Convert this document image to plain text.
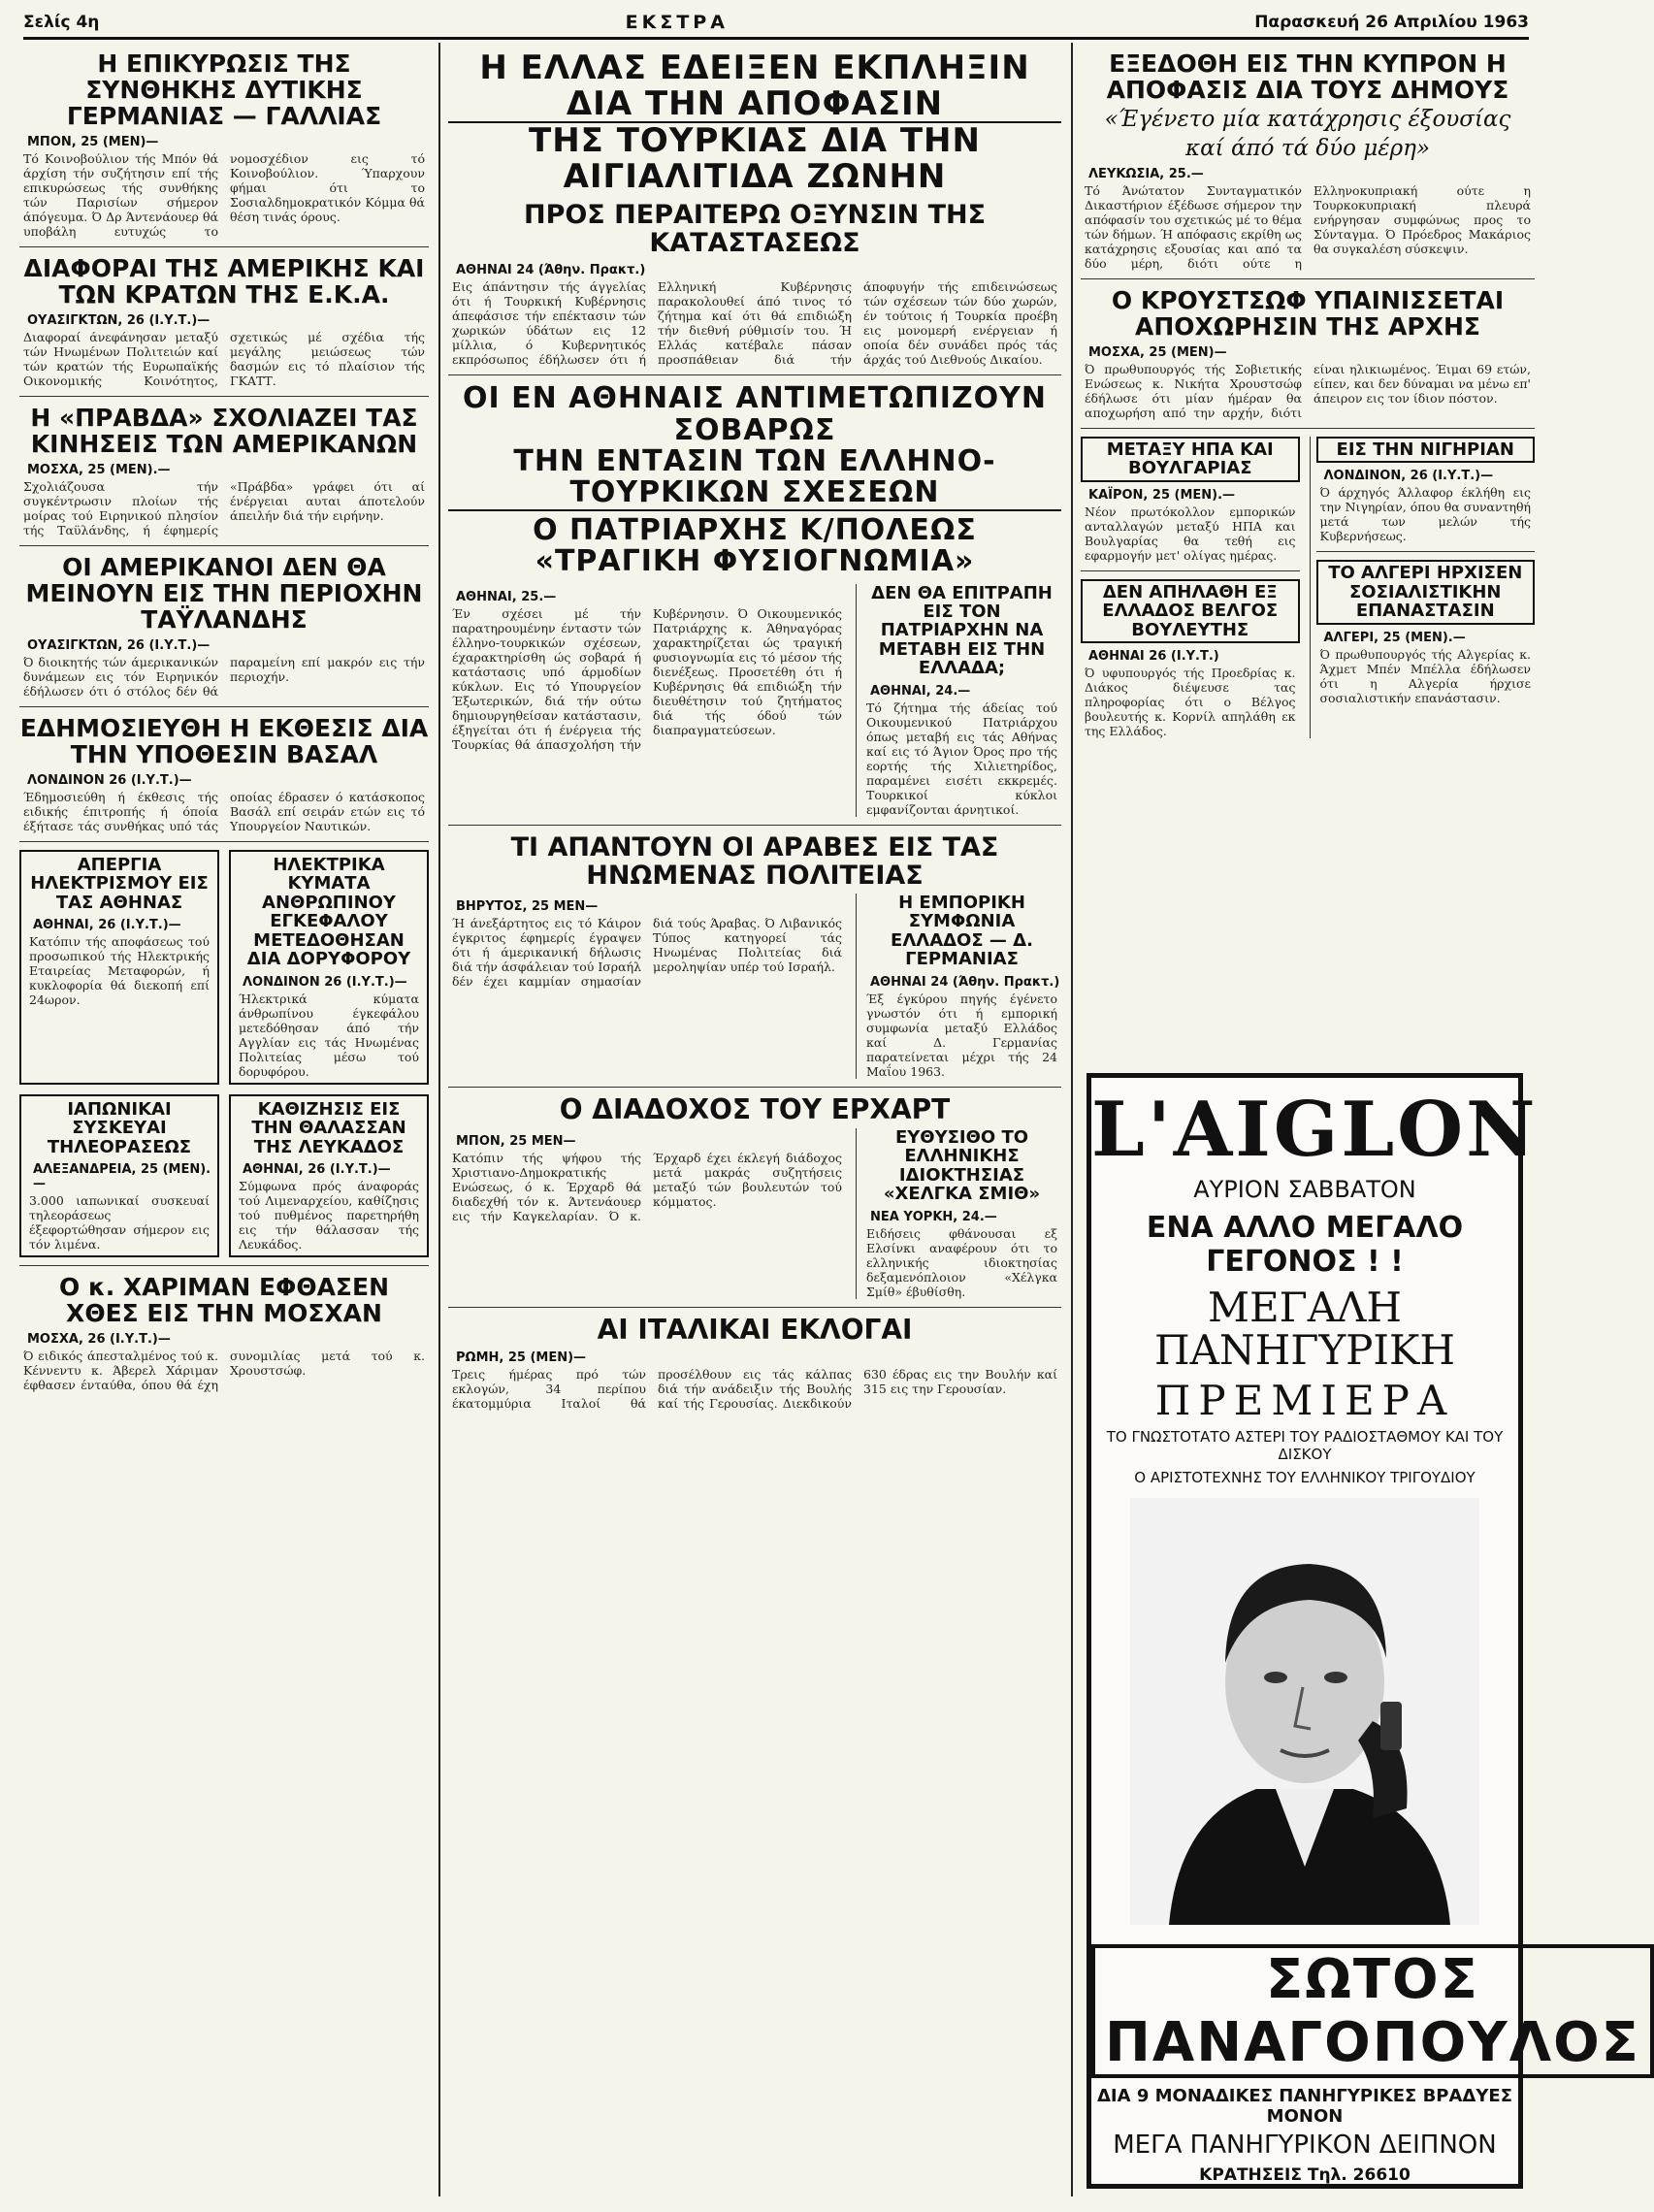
Σελίς 4η	ΕΚΣΤΡΑ	Παρασκευή 26 Απριλίου 1963
Η ΕΠΙΚΥΡΩΣΙΣ ΤΗΣ ΣΥΝΘΗΚΗΣ ΔΥΤΙΚΗΣ ΓΕΡΜΑΝΙΑΣ — ΓΑΛΛΙΑΣ
ΜΠΟΝ, 25 (ΜΕΝ)—

Τό Κοινοβούλιον τής Μπόν θά άρχίση τήν συζήτησιν επί τής επικυρώσεως τής συνθήκης τών Παρισίων σήμερον άπόγευμα. Ό Δρ Άντενάουερ θά υποβάλη ευτυχώς το νομοσχέδιον εις τό Κοινοβούλιον. Ύπαρχουν φήμαι ότι το Σοσιαλδημοκρατικόν Κόμμα θά θέση τινάς όρους.

ΔΙΑΦΟΡΑΙ ΤΗΣ ΑΜΕΡΙΚΗΣ ΚΑΙ ΤΩΝ ΚΡΑΤΩΝ ΤΗΣ Ε.Κ.Α.
ΟΥΑΣΙΓΚΤΩΝ, 26 (Ι.Υ.Τ.)—

Διαφοραί άνεφάνησαν μεταξύ τών Ηνωμένων Πολιτειών καί τών κρατών τής Ευρωπαϊκής Οικονομικής Κοινότητος, σχετικώς μέ σχέδια τής μεγάλης μειώσεως τών δασμών εις τό πλαίσιον τής ΓΚΑΤΤ.

Η «ΠΡΑΒΔΑ» ΣΧΟΛΙΑΖΕΙ ΤΑΣ ΚΙΝΗΣΕΙΣ ΤΩΝ ΑΜΕΡΙΚΑΝΩΝ
ΜΟΣΧΑ, 25 (ΜΕΝ).—

Σχολιάζουσα τήν συγκέντρωσιν πλοίων τής μοίρας τού Ειρηνικού πλησίον τής Ταϋλάνδης, ή έφημερίς «Πράβδα» γράφει ότι αί ένέργειαι αυται άποτελούν άπειλήν διά τήν ειρήνην.

ΟΙ ΑΜΕΡΙΚΑΝΟΙ ΔΕΝ ΘΑ ΜΕΙΝΟΥΝ ΕΙΣ ΤΗΝ ΠΕΡΙΟΧΗΝ ΤΑΫΛΑΝΔΗΣ
ΟΥΑΣΙΓΚΤΩΝ, 26 (Ι.Υ.Τ.)—

Ό διοικητής τών άμερικανικών δυνάμεων εις τόν Ειρηνικόν έδήλωσεν ότι ό στόλος δέν θά παραμείνη επί μακρόν εις τήν περιοχήν.

ΕΔΗΜΟΣΙΕΥΘΗ Η ΕΚΘΕΣΙΣ ΔΙΑ ΤΗΝ ΥΠΟΘΕΣΙΝ ΒΑΣΑΛ
ΛΟΝΔΙΝΟΝ 26 (Ι.Υ.Τ.)—

Έδημοσιεύθη ή έκθεσις τής ειδικής έπιτροπής ή όποία έξήτασε τάς συνθήκας υπό τάς οποίας έδρασεν ό κατάσκοπος Βασάλ επί σειράν ετών εις τό Υπουργείον Ναυτικών.

ΑΠΕΡΓΙΑ ΗΛΕΚΤΡΙΣΜΟΥ ΕΙΣ ΤΑΣ ΑΘΗΝΑΣ
ΑΘΗΝΑΙ, 26 (Ι.Υ.Τ.)—

Κατόπιν τής αποφάσεως τού προσωπικού τής Ηλεκτρικής Εταιρείας Μεταφορών, ή κυκλοφορία θά διεκοπή επί 24ωρον.

ΗΛΕΚΤΡΙΚΑ ΚΥΜΑΤΑ ΑΝΘΡΩΠΙΝΟΥ ΕΓΚΕΦΑΛΟΥ ΜΕΤΕΔΟΘΗΣΑΝ ΔΙΑ ΔΟΡΥΦΟΡΟΥ
ΛΟΝΔΙΝΟΝ 26 (Ι.Υ.Τ.)—

Ήλεκτρικά κύματα άνθρωπίνου έγκεφάλου μετεδόθησαν άπό τήν Αγγλίαν εις τάς Ηνωμένας Πολιτείας μέσω τού δορυφόρου.

ΙΑΠΩΝΙΚΑΙ ΣΥΣΚΕΥΑΙ ΤΗΛΕΟΡΑΣΕΩΣ
ΑΛΕΞΑΝΔΡΕΙΑ, 25 (ΜΕΝ).—

3.000 ιαπωνικαί συσκευαί τηλεοράσεως έξεφορτώθησαν σήμερον εις τόν λιμένα.

ΚΑΘΙΖΗΣΙΣ ΕΙΣ ΤΗΝ ΘΑΛΑΣΣΑΝ ΤΗΣ ΛΕΥΚΑΔΟΣ
ΑΘΗΝΑΙ, 26 (Ι.Υ.Τ.)—

Σύμφωνα πρός άναφοράς τού Λιμεναρχείου, καθίζησις τού πυθμένος παρετηρήθη εις τήν θάλασσαν τής Λευκάδος.

Ο κ. ΧΑΡΙΜΑΝ ΕΦΘΑΣΕΝ ΧΘΕΣ ΕΙΣ ΤΗΝ ΜΟΣΧΑΝ
ΜΟΣΧΑ, 26 (Ι.Υ.Τ.)—

Ό ειδικός άπεσταλμένος τού κ. Κέννεντυ κ. Άβερελ Χάριμαν έφθασεν ένταύθα, όπου θά έχη συνομιλίας μετά τού κ. Χρουστσώφ.

Η ΕΛΛΑΣ ΕΔΕΙΞΕΝ ΕΚΠΛΗΞΙΝ ΔΙΑ ΤΗΝ ΑΠΟΦΑΣΙΝ
ΤΗΣ ΤΟΥΡΚΙΑΣ ΔΙΑ ΤΗΝ ΑΙΓΙΑΛΙΤΙΔΑ ΖΩΝΗΝ
ΠΡΟΣ ΠΕΡΑΙΤΕΡΩ ΟΞΥΝΣΙΝ ΤΗΣ ΚΑΤΑΣΤΑΣΕΩΣ
ΑΘΗΝΑΙ 24 (Άθην. Πρακτ.)

Εις άπάντησιν τής άγγελίας ότι ή Τουρκική Κυβέρνησις άπεφάσισε τήν επέκτασιν τών χωρικών ύδάτων εις 12 μίλλια, ό Κυβερνητικός εκπρόσωπος έδήλωσεν ότι ή Ελληνική Κυβέρνησις παρακολουθεί άπό τινος τό ζήτημα καί ότι θά επιδιώξη τήν διεθνή ρύθμισίν του. Ή Ελλάς κατέβαλε πάσαν προσπάθειαν διά τήν άποφυγήν τής επιδεινώσεως τών σχέσεων τών δύο χωρών, έν τούτοις ή Τουρκία προέβη εις μονομερή ενέργειαν ή οποία δέν συνάδει πρός τάς άρχάς τού Διεθνούς Δικαίου.

ΟΙ ΕΝ ΑΘΗΝΑΙΣ ΑΝΤΙΜΕΤΩΠΙΖΟΥΝ ΣΟΒΑΡΩΣ
ΤΗΝ ΕΝΤΑΣΙΝ ΤΩΝ ΕΛΛΗΝΟ-ΤΟΥΡΚΙΚΩΝ ΣΧΕΣΕΩΝ
Ο ΠΑΤΡΙΑΡΧΗΣ Κ/ΠΟΛΕΩΣ «ΤΡΑΓΙΚΗ ΦΥΣΙΟΓΝΩΜΙΑ»
ΑΘΗΝΑΙ, 25.—

Έν σχέσει μέ τήν παρατηρουμένην ένταστν τών έλληνο-τουρκικών σχέσεων, έχαρακτηρίσθη ώς σοβαρά ή κατάστασις υπό άρμοδίων κύκλων. Εις τό Υπουργείον Έξωτερικών, διά τήν ούτω δημιουργηθείσαν κατάστασιν, έξηγείται ότι ή ένέργεια τής Τουρκίας θά άπασχολήση τήν Κυβέρνησιν. Ό Οικουμενικός Πατριάρχης κ. Άθηναγόρας χαρακτηρίζεται ώς τραγική φυσιογνωμία εις τό μέσον τής διενέξεως. Προσετέθη ότι ή Κυβέρνησις θά επιδιώξη τήν διευθέτησιν τού ζητήματος διά τής όδού τών διαπραγματεύσεων.

ΔΕΝ ΘΑ ΕΠΙΤΡΑΠΗ ΕΙΣ ΤΟΝ ΠΑΤΡΙΑΡΧΗΝ ΝΑ ΜΕΤΑΒΗ ΕΙΣ ΤΗΝ ΕΛΛΑΔΑ;
ΑΘΗΝΑΙ, 24.—

Τό ζήτημα τής άδείας τού Οικουμενικού Πατριάρχου όπως μεταβή εις τάς Αθήνας καί εις τό Άγιον Όρος προ τής εορτής τής Χιλιετηρίδος, παραμένει εισέτι εκκρεμές. Τουρκικοί κύκλοι εμφανίζονται άρνητικοί.

ΤΙ ΑΠΑΝΤΟΥΝ ΟΙ ΑΡΑΒΕΣ ΕΙΣ ΤΑΣ ΗΝΩΜΕΝΑΣ ΠΟΛΙΤΕΙΑΣ
ΒΗΡΥΤΟΣ, 25 ΜΕΝ—

Ή άνεξάρτητος εις τό Κάιρον έγκριτος έφημερίς έγραψεν ότι ή άμερικανική δήλωσις διά τήν άσφάλειαν τού Ισραήλ δέν έχει καμμίαν σημασίαν διά τούς Άραβας. Ό Λιβανικός Τύπος κατηγορεί τάς Ηνωμένας Πολιτείας διά μεροληψίαν υπέρ τού Ισραήλ.

Η ΕΜΠΟΡΙΚΗ ΣΥΜΦΩΝΙΑ ΕΛΛΑΔΟΣ — Δ. ΓΕΡΜΑΝΙΑΣ
ΑΘΗΝΑΙ 24 (Άθην. Πρακτ.)

Έξ έγκύρου πηγής έγένετο γνωστόν ότι ή εμπορική συμφωνία μεταξύ Ελλάδος καί Δ. Γερμανίας παρατείνεται μέχρι τής 24 Μαΐου 1963.

Ο ΔΙΑΔΟΧΟΣ ΤΟΥ ΕΡΧΑΡΤ
ΜΠΟΝ, 25 ΜΕΝ—

Κατόπιν τής ψήφου τής Χριστιανο-Δημοκρατικής Ενώσεως, ό κ. Έρχαρδ θά διαδεχθή τόν κ. Άντενάουερ εις τήν Καγκελαρίαν. Ό κ. Έρχαρδ έχει έκλεγή διάδοχος μετά μακράς συζητήσεις μεταξύ τών βουλευτών τού κόμματος.

ΕΥΘΥΣΙΘΟ ΤΟ ΕΛΛΗΝΙΚΗΣ ΙΔΙΟΚΤΗΣΙΑΣ «ΧΕΛΓΚΑ ΣΜΙΘ»
ΝΕΑ ΥΟΡΚΗ, 24.—

Ειδήσεις φθάνουσαι εξ Ελσίνκι αναφέρουν ότι το ελληνικής ιδιοκτησίας δεξαμενόπλοιον «Χέλγκα Σμίθ» έβυθίσθη.

ΑΙ ΙΤΑΛΙΚΑΙ ΕΚΛΟΓΑΙ
ΡΩΜΗ, 25 (ΜΕΝ)—

Τρεις ήμέρας πρό τών εκλογών, 34 περίπου έκατομμύρια Ιταλοί θά προσέλθουν εις τάς κάλπας διά τήν ανάδειξιν τής Βουλής καί τής Γερουσίας. Διεκδικούν 630 έδρας εις την Βουλήν καί 315 εις την Γερουσίαν.

ΕΞΕΔΟΘΗ ΕΙΣ ΤΗΝ ΚΥΠΡΟΝ Η ΑΠΟΦΑΣΙΣ ΔΙΑ ΤΟΥΣ ΔΗΜΟΥΣ
«Έγένετο μία κατάχρησις έξουσίας
καί άπό τά δύο μέρη»
ΛΕΥΚΩΣΙΑ, 25.—

Τό Άνώτατον Συνταγματικόν Δικαστήριον έξέδωσε σήμερον την απόφασίν του σχετικώς μέ το θέμα τών δήμων. Ή απόφασις εκρίθη ως κατάχρησις εξουσίας και από τα δύο μέρη, διότι ούτε η Ελληνοκυπριακή ούτε η Τουρκοκυπριακή πλευρά ενήργησαν συμφώνως προς το Σύνταγμα. Ό Πρόεδρος Μακάριος θα συγκαλέση σύσκεψιν.

Ο ΚΡΟΥΣΤΣΩΦ ΥΠΑΙΝΙΣΣΕΤΑΙ ΑΠΟΧΩΡΗΣΙΝ ΤΗΣ ΑΡΧΗΣ
ΜΟΣΧΑ, 25 (ΜΕΝ)—

Ό πρωθυπουργός τής Σοβιετικής Ενώσεως κ. Νικήτα Χρουστσώφ έδήλωσε ότι μίαν ήμέραν θα αποχωρήση από την αρχήν, διότι είναι ηλικιωμένος. Έιμαι 69 ετών, είπεν, και δεν δύναμαι να μένω επ' άπειρον εις τον ίδιον πόστον.

ΜΕΤΑΞΥ ΗΠΑ ΚΑΙ ΒΟΥΛΓΑΡΙΑΣ
ΚΑΪΡΟΝ, 25 (ΜΕΝ).—

Νέον πρωτόκολλον εμπορικών ανταλλαγών μεταξύ ΗΠΑ και Βουλγαρίας θα τεθή εις εφαρμογήν μετ' ολίγας ημέρας.

ΔΕΝ ΑΠΗΛΑΘΗ ΕΞ ΕΛΛΑΔΟΣ ΒΕΛΓΟΣ ΒΟΥΛΕΥΤΗΣ
ΑΘΗΝΑΙ 26 (Ι.Υ.Τ.)

Ό υφυπουργός τής Προεδρίας κ. Διάκος διέψευσε τας πληροφορίας ότι ο Βέλγος βουλευτής κ. Κορνίλ απηλάθη εκ της Ελλάδος.

ΕΙΣ ΤΗΝ ΝΙΓΗΡΙΑΝ
ΛΟΝΔΙΝΟΝ, 26 (Ι.Υ.Τ.)—

Ό άρχηγός Άλλαφορ έκλήθη εις την Νιγηρίαν, όπου θα συναντηθή μετά των μελών τής Κυβερνήσεως.

ΤΟ ΑΛΓΕΡΙ ΗΡΧΙΣΕΝ ΣΟΣΙΑΛΙΣΤΙΚΗΝ ΕΠΑΝΑΣΤΑΣΙΝ
ΑΛΓΕΡΙ, 25 (ΜΕΝ).—

Ό πρωθυπουργός τής Αλγερίας κ. Άχμετ Μπέν Μπέλλα έδήλωσεν ότι η Αλγερία ήρχισε σοσιαλιστικήν επανάστασιν.

L'AIGLON
ΑΥΡΙΟΝ ΣΑΒΒΑΤΟΝ
ΕΝΑ ΑΛΛΟ ΜΕΓΑΛΟ ΓΕΓΟΝΟΣ ! !
ΜΕΓΑΛΗ ΠΑΝΗΓΥΡΙΚΗ
ΠΡΕΜΙΕΡΑ
ΤΟ ΓΝΩΣΤΟΤΑΤΟ ΑΣΤΕΡΙ ΤΟΥ ΡΑΔΙΟΣΤΑΘΜΟΥ ΚΑΙ ΤΟΥ ΔΙΣΚΟΥ
Ο ΑΡΙΣΤΟΤΕΧΝΗΣ ΤΟΥ ΕΛΛΗΝΙΚΟΥ ΤΡΙΓΟΥΔΙΟΥ
ΣΩΤΟΣ ΠΑΝΑΓΟΠΟΥΛΟΣ
ΔΙΑ 9 ΜΟΝΑΔΙΚΕΣ ΠΑΝΗΓΥΡΙΚΕΣ ΒΡΑΔΥΕΣ ΜΟΝΟΝ
ΜΕΓΑ ΠΑΝΗΓΥΡΙΚΟΝ ΔΕΙΠΝΟΝ
ΚΡΑΤΗΣΕΙΣ Τηλ. 26610
